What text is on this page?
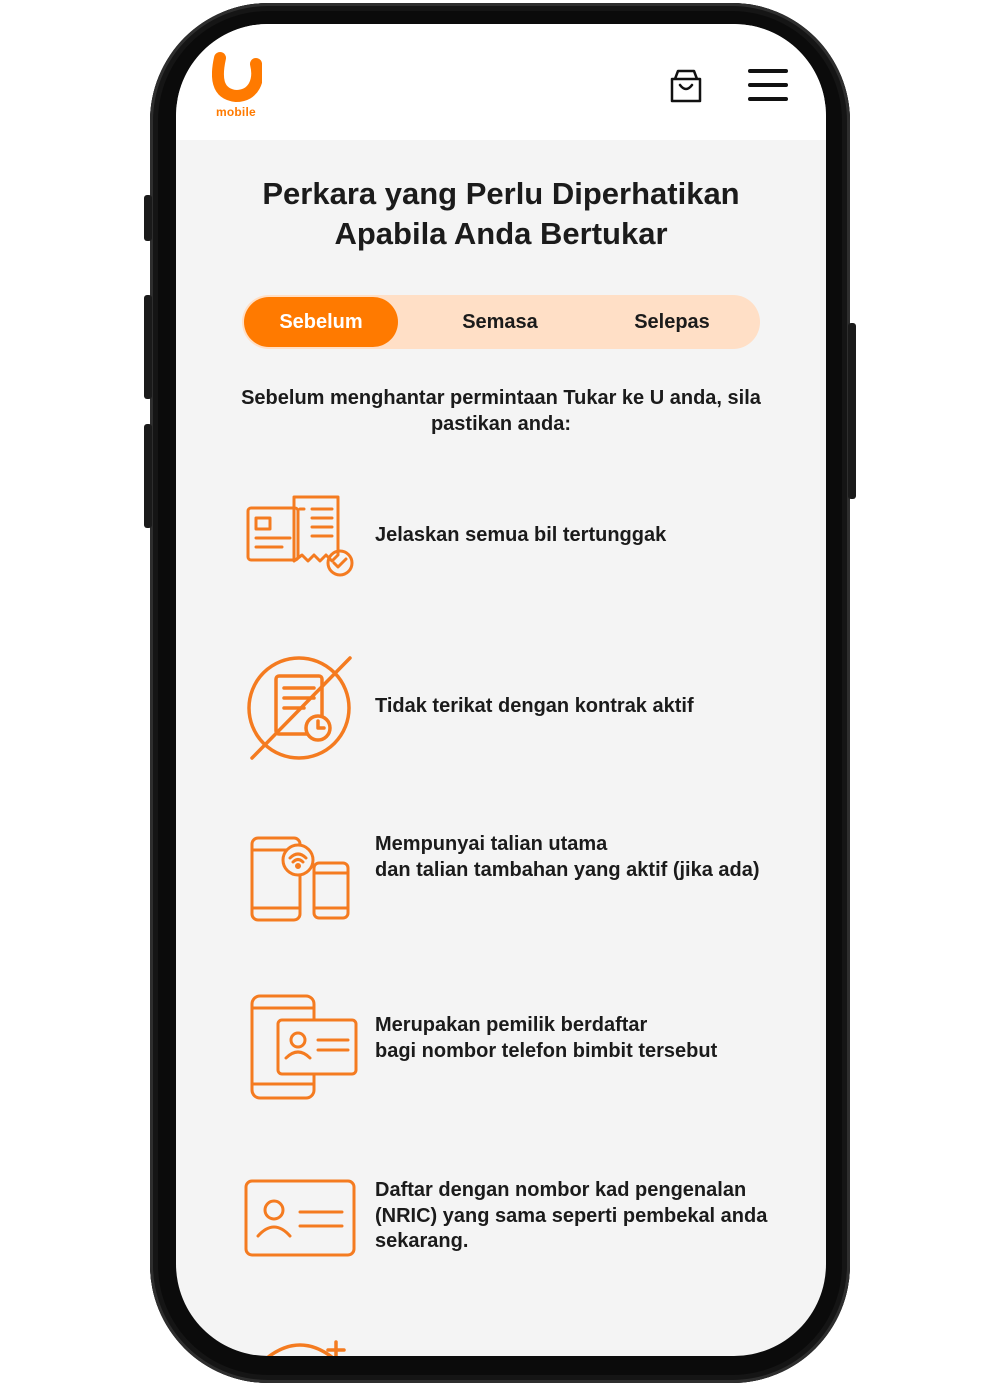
mobile
Perkara yang Perlu Diperhatikan Apabila Anda Bertukar
Sebelum	Semasa	Selepas

Sebelum menghantar permintaan Tukar ke U anda, sila pastikan anda:

Jelaskan semua bil tertunggak
Tidak terikat dengan kontrak aktif
Mempunyai talian utama
dan talian tambahan yang aktif (jika ada)
Merupakan pemilik berdaftar
bagi nombor telefon bimbit tersebut
Daftar dengan nombor kad pengenalan (NRIC) yang sama seperti pembekal anda sekarang.
